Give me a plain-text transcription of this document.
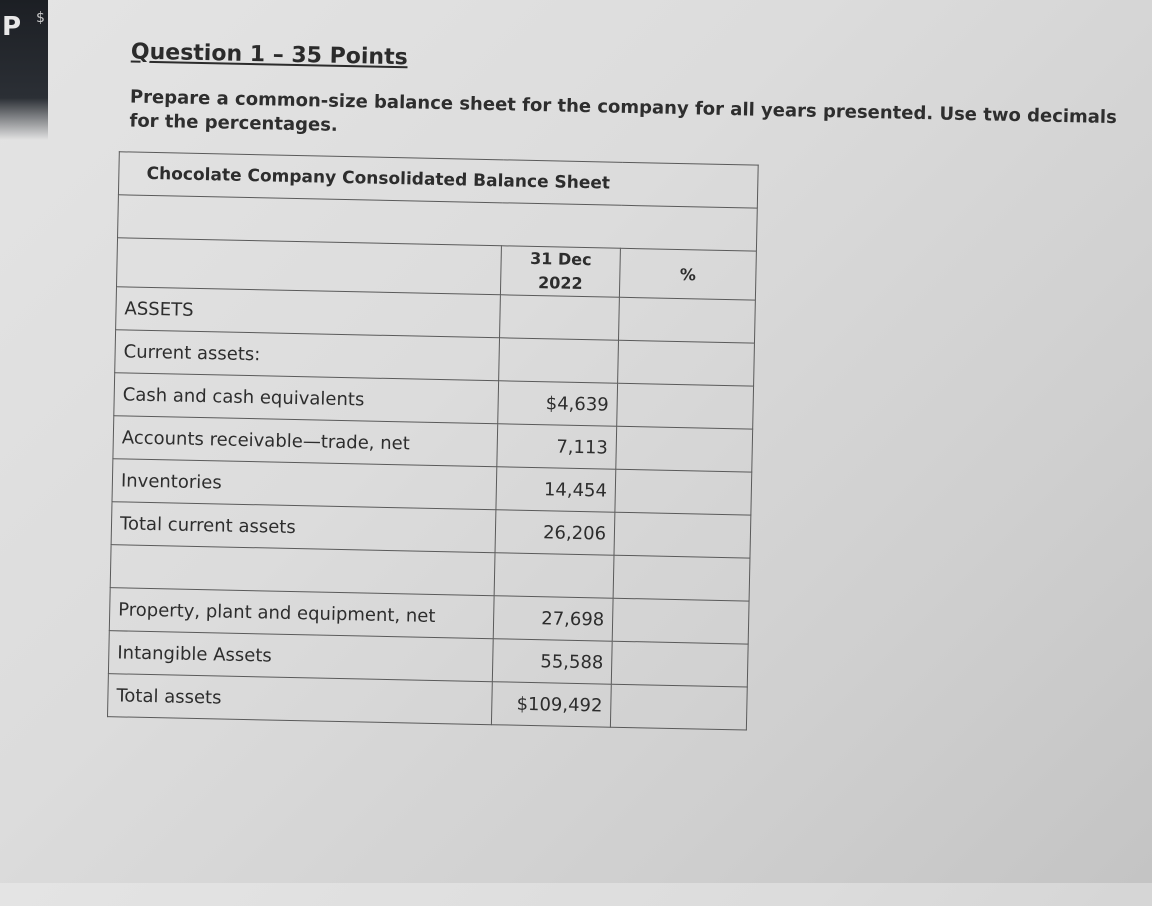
P $
Question 1 – 35 Points
Prepare a common-size balance sheet for the company for all years presented. Use two decimals for the percentages.
Chocolate Company Consolidated Balance Sheet		

	31 Dec
2022	%
ASSETS		
Current assets:		
Cash and cash equivalents	$4,639	
Accounts receivable—trade, net	7,113	
Inventories	14,454	
Total current assets	26,206	

Property, plant and equipment, net	27,698	
Intangible Assets	55,588	
Total assets	$109,492	
